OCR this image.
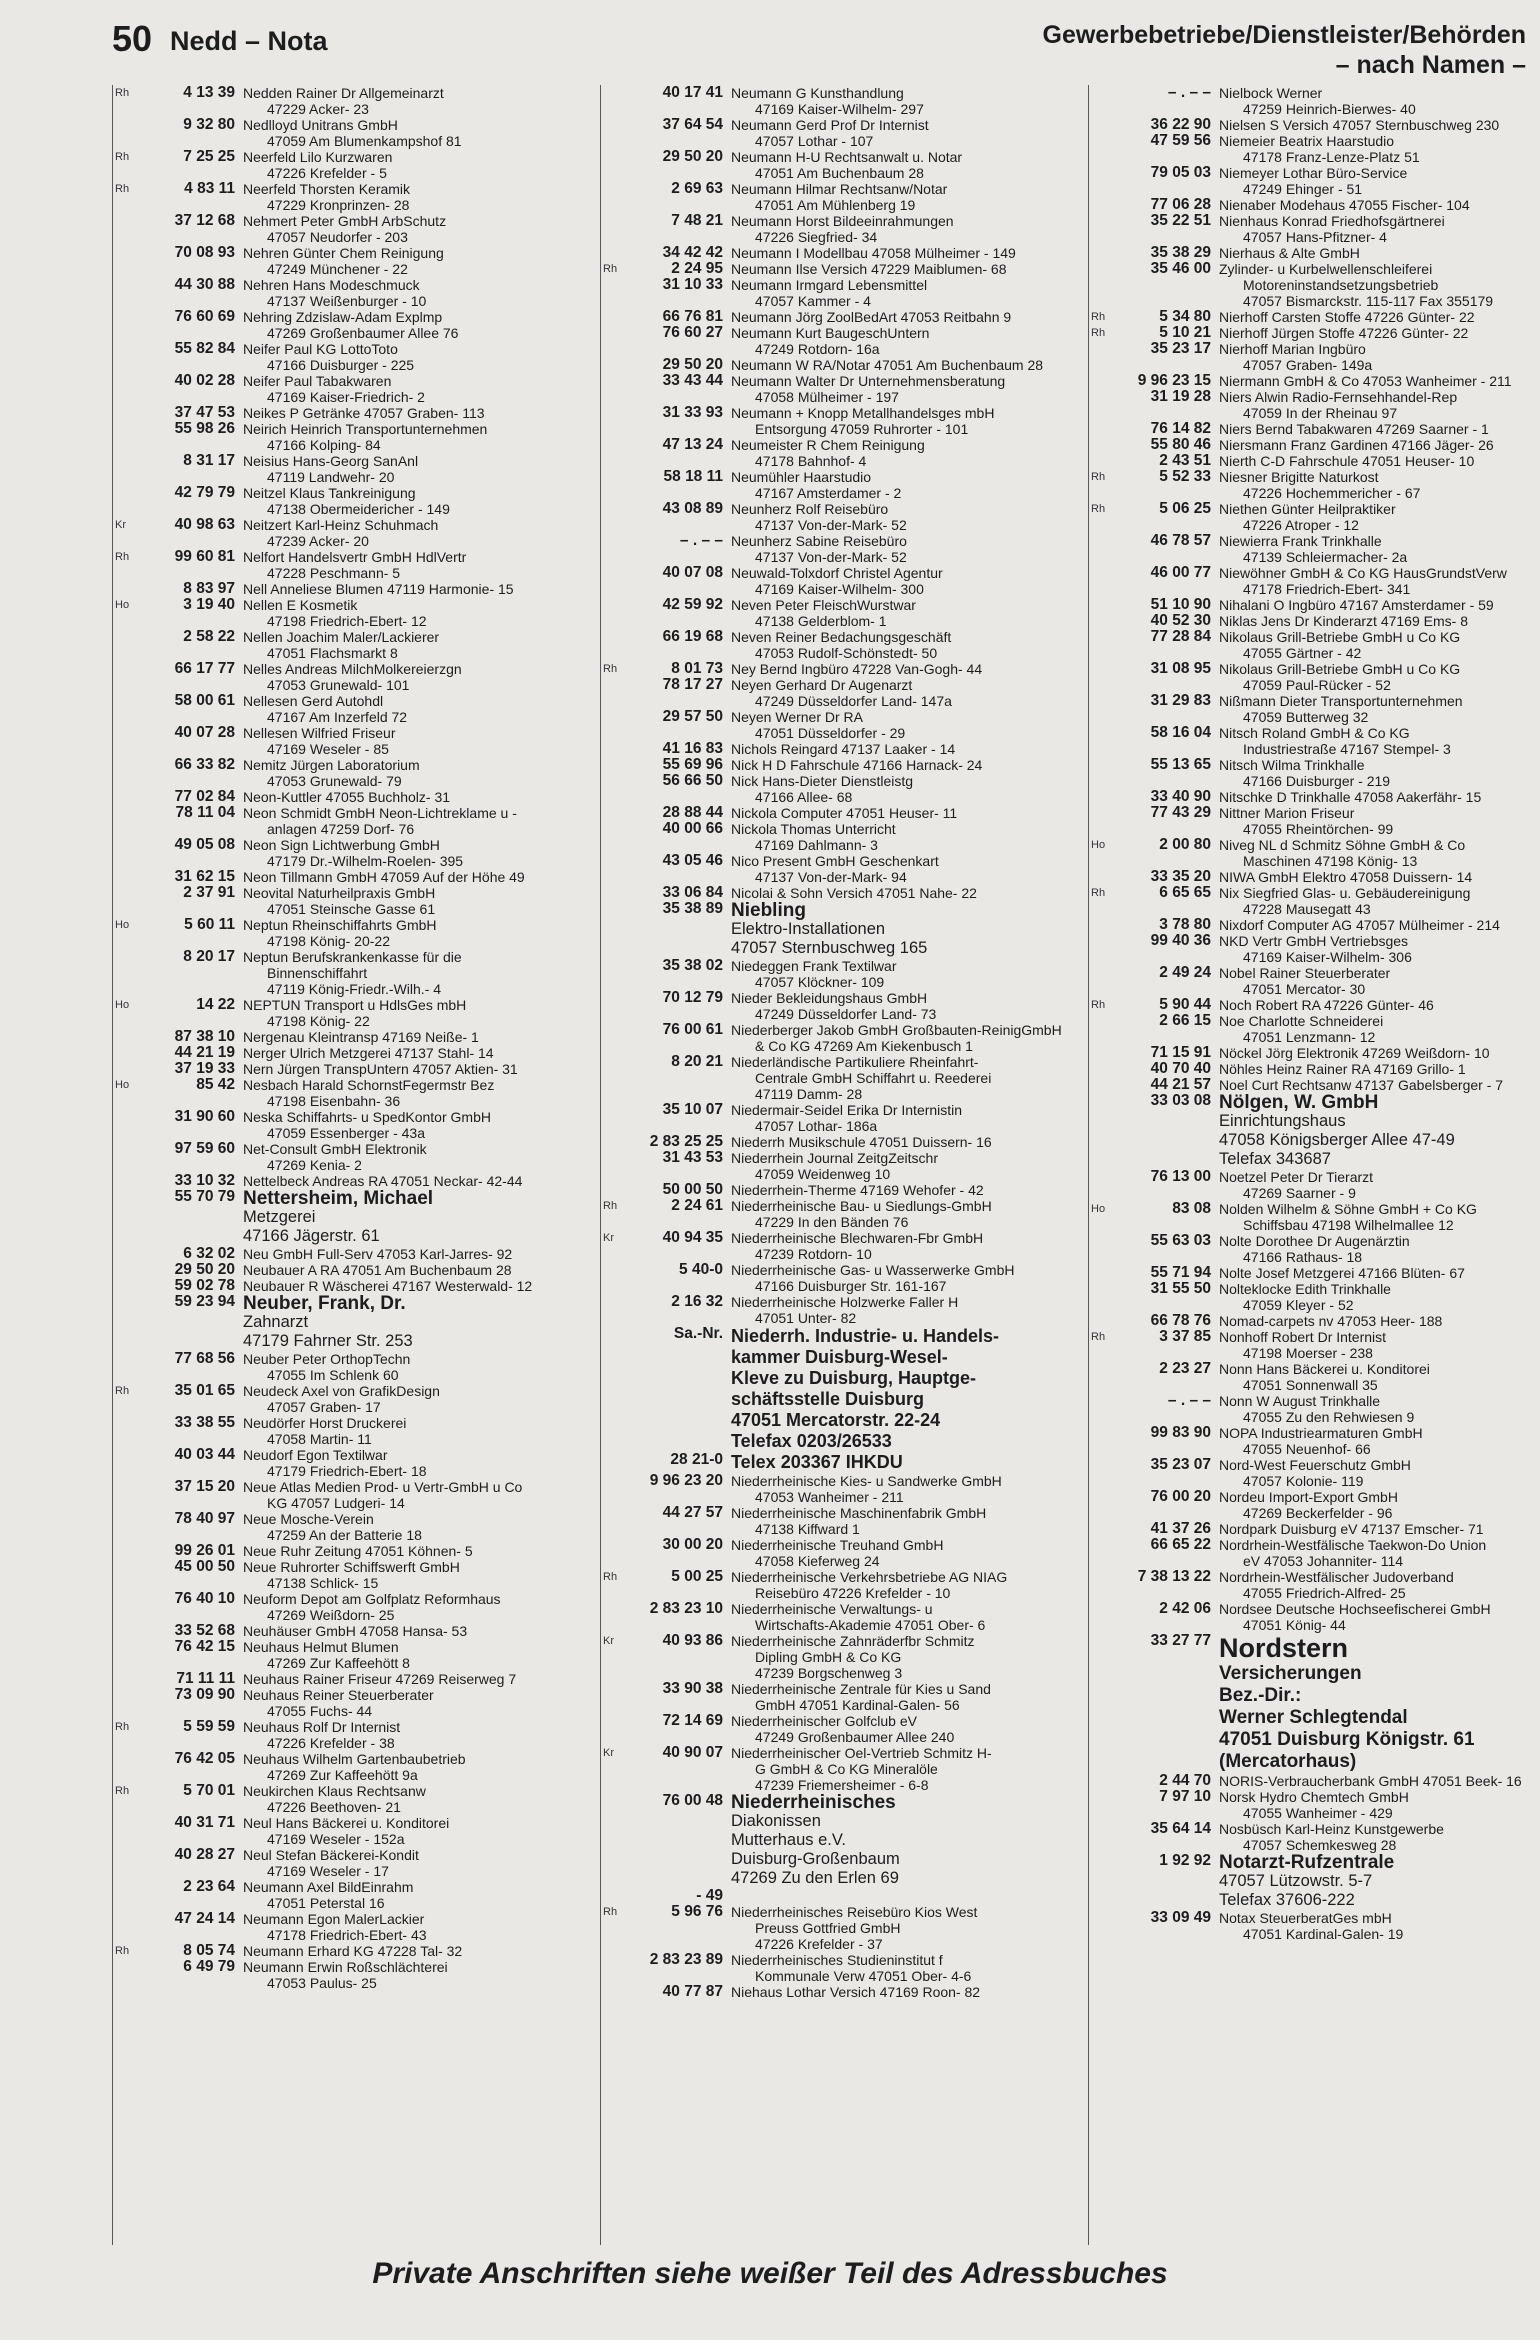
50 Nedd – Nota	Gewerbebetriebe/Dienstleister/Behörden
– nach Namen –
Rh	4 13 39 Nedden Rainer Dr Allgemeinarzt
47229 Acker- 23
9 32 80 Nedlloyd Unitrans GmbH
47059 Am Blumenkampshof 81
Rh	7 25 25 Neerfeld Lilo Kurzwaren
47226 Krefelder - 5
Rh	4 83 11 Neerfeld Thorsten Keramik
47229 Kronprinzen- 28
37 12 68 Nehmert Peter GmbH ArbSchutz
47057 Neudorfer - 203
70 08 93 Nehren Günter Chem Reinigung
47249 Münchener - 22
44 30 88 Nehren Hans Modeschmuck
47137 Weißenburger - 10
76 60 69 Nehring Zdzislaw-Adam Explmp
47269 Großenbaumer Allee 76
55 82 84 Neifer Paul KG LottoToto
47166 Duisburger - 225
40 02 28 Neifer Paul Tabakwaren
47169 Kaiser-Friedrich- 2
37 47 53 Neikes P Getränke 47057 Graben- 113
55 98 26 Neirich Heinrich Transportunternehmen
47166 Kolping- 84
8 31 17 Neisius Hans-Georg SanAnl
47119 Landwehr- 20
42 79 79 Neitzel Klaus Tankreinigung
47138 Obermeidericher - 149
Kr	40 98 63 Neitzert Karl-Heinz Schuhmach
47239 Acker- 20
Rh	99 60 81 Nelfort Handelsvertr GmbH HdlVertr
47228 Peschmann- 5
8 83 97 Nell Anneliese Blumen 47119 Harmonie- 15
Ho	3 19 40 Nellen E Kosmetik
47198 Friedrich-Ebert- 12
2 58 22 Nellen Joachim Maler/Lackierer
47051 Flachsmarkt 8
66 17 77 Nelles Andreas MilchMolkereierzgn
47053 Grunewald- 101
58 00 61 Nellesen Gerd Autohdl
47167 Am Inzerfeld 72
40 07 28 Nellesen Wilfried Friseur
47169 Weseler - 85
66 33 82 Nemitz Jürgen Laboratorium
47053 Grunewald- 79
77 02 84 Neon-Kuttler 47055 Buchholz- 31
78 11 04 Neon Schmidt GmbH Neon-Lichtreklame u -
anlagen 47259 Dorf- 76
49 05 08 Neon Sign Lichtwerbung GmbH
47179 Dr.-Wilhelm-Roelen- 395
31 62 15 Neon Tillmann GmbH 47059 Auf der Höhe 49
2 37 91 Neovital Naturheilpraxis GmbH
47051 Steinsche Gasse 61
Ho	5 60 11 Neptun Rheinschiffahrts GmbH
47198 König- 20-22
8 20 17 Neptun Berufskrankenkasse für die
Binnenschiffahrt
47119 König-Friedr.-Wilh.- 4
Ho	14 22 NEPTUN Transport u HdlsGes mbH
47198 König- 22
87 38 10 Nergenau Kleintransp 47169 Neiße- 1
44 21 19 Nerger Ulrich Metzgerei 47137 Stahl- 14
37 19 33 Nern Jürgen TranspUntern 47057 Aktien- 31
Ho	85 42 Nesbach Harald SchornstFegermstr Bez
47198 Eisenbahn- 36
31 90 60 Neska Schiffahrts- u SpedKontor GmbH
47059 Essenberger - 43a
97 59 60 Net-Consult GmbH Elektronik
47269 Kenia- 2
33 10 32 Nettelbeck Andreas RA 47051 Neckar- 42-44
55 70 79 Nettersheim, Michael
Metzgerei
47166 Jägerstr. 61
6 32 02 Neu GmbH Full-Serv 47053 Karl-Jarres- 92
29 50 20 Neubauer A RA 47051 Am Buchenbaum 28
59 02 78 Neubauer R Wäscherei 47167 Westerwald- 12
59 23 94 Neuber, Frank, Dr.
Zahnarzt
47179 Fahrner Str. 253
77 68 56 Neuber Peter OrthopTechn
47055 Im Schlenk 60
Rh	35 01 65 Neudeck Axel von GrafikDesign
47057 Graben- 17
33 38 55 Neudörfer Horst Druckerei
47058 Martin- 11
40 03 44 Neudorf Egon Textilwar
47179 Friedrich-Ebert- 18
37 15 20 Neue Atlas Medien Prod- u Vertr-GmbH u Co
KG 47057 Ludgeri- 14
78 40 97 Neue Mosche-Verein
47259 An der Batterie 18
99 26 01 Neue Ruhr Zeitung 47051 Köhnen- 5
45 00 50 Neue Ruhrorter Schiffswerft GmbH
47138 Schlick- 15
76 40 10 Neuform Depot am Golfplatz Reformhaus
47269 Weißdorn- 25
33 52 68 Neuhäuser GmbH 47058 Hansa- 53
76 42 15 Neuhaus Helmut Blumen
47269 Zur Kaffeehött 8
71 11 11 Neuhaus Rainer Friseur 47269 Reiserweg 7
73 09 90 Neuhaus Reiner Steuerberater
47055 Fuchs- 44
Rh	5 59 59 Neuhaus Rolf Dr Internist
47226 Krefelder - 38
76 42 05 Neuhaus Wilhelm Gartenbaubetrieb
47269 Zur Kaffeehött 9a
Rh	5 70 01 Neukirchen Klaus Rechtsanw
47226 Beethoven- 21
40 31 71 Neul Hans Bäckerei u. Konditorei
47169 Weseler - 152a
40 28 27 Neul Stefan Bäckerei-Kondit
47169 Weseler - 17
2 23 64 Neumann Axel BildEinrahm
47051 Peterstal 16
47 24 14 Neumann Egon MalerLackier
47178 Friedrich-Ebert- 43
Rh	8 05 74 Neumann Erhard KG 47228 Tal- 32
6 49 79 Neumann Erwin Roßschlächterei
47053 Paulus- 25
40 17 41 Neumann G Kunsthandlung
47169 Kaiser-Wilhelm- 297
37 64 54 Neumann Gerd Prof Dr Internist
47057 Lothar - 107
29 50 20 Neumann H-U Rechtsanwalt u. Notar
47051 Am Buchenbaum 28
2 69 63 Neumann Hilmar Rechtsanw/Notar
47051 Am Mühlenberg 19
7 48 21 Neumann Horst Bildeeinrahmungen
47226 Siegfried- 34
34 42 42 Neumann I Modellbau 47058 Mülheimer - 149
Rh	2 24 95 Neumann Ilse Versich 47229 Maiblumen- 68
31 10 33 Neumann Irmgard Lebensmittel
47057 Kammer - 4
66 76 81 Neumann Jörg ZoolBedArt 47053 Reitbahn 9
76 60 27 Neumann Kurt BaugeschUntern
47249 Rotdorn- 16a
29 50 20 Neumann W RA/Notar 47051 Am Buchenbaum 28
33 43 44 Neumann Walter Dr Unternehmensberatung
47058 Mülheimer - 197
31 33 93 Neumann + Knopp Metallhandelsges mbH
Entsorgung 47059 Ruhrorter - 101
47 13 24 Neumeister R Chem Reinigung
47178 Bahnhof- 4
58 18 11 Neumühler Haarstudio
47167 Amsterdamer - 2
43 08 89 Neunherz Rolf Reisebüro
47137 Von-der-Mark- 52
– . – – Neunherz Sabine Reisebüro
47137 Von-der-Mark- 52
40 07 08 Neuwald-Tolxdorf Christel Agentur
47169 Kaiser-Wilhelm- 300
42 59 92 Neven Peter FleischWurstwar
47138 Gelderblom- 1
66 19 68 Neven Reiner Bedachungsgeschäft
47053 Rudolf-Schönstedt- 50
Rh	8 01 73 Ney Bernd Ingbüro 47228 Van-Gogh- 44
78 17 27 Neyen Gerhard Dr Augenarzt
47249 Düsseldorfer Land- 147a
29 57 50 Neyen Werner Dr RA
47051 Düsseldorfer - 29
41 16 83 Nichols Reingard 47137 Laaker - 14
55 69 96 Nick H D Fahrschule 47166 Harnack- 24
56 66 50 Nick Hans-Dieter Dienstleistg
47166 Allee- 68
28 88 44 Nickola Computer 47051 Heuser- 11
40 00 66 Nickola Thomas Unterricht
47169 Dahlmann- 3
43 05 46 Nico Present GmbH Geschenkart
47137 Von-der-Mark- 94
33 06 84 Nicolai & Sohn Versich 47051 Nahe- 22
35 38 89 Niebling
Elektro-Installationen
47057 Sternbuschweg 165
35 38 02 Niedeggen Frank Textilwar
47057 Klöckner- 109
70 12 79 Nieder Bekleidungshaus GmbH
47249 Düsseldorfer Land- 73
76 00 61 Niederberger Jakob GmbH Großbauten-ReinigGmbH
& Co KG 47269 Am Kiekenbusch 1
8 20 21 Niederländische Partikuliere Rheinfahrt-
Centrale GmbH Schiffahrt u. Reederei
47119 Damm- 28
35 10 07 Niedermair-Seidel Erika Dr Internistin
47057 Lothar- 186a
2 83 25 25 Niederrh Musikschule 47051 Duissern- 16
31 43 53 Niederrhein Journal ZeitgZeitschr
47059 Weidenweg 10
50 00 50 Niederrhein-Therme 47169 Wehofer - 42
Rh	2 24 61 Niederrheinische Bau- u Siedlungs-GmbH
47229 In den Bänden 76
Kr	40 94 35 Niederrheinische Blechwaren-Fbr GmbH
47239 Rotdorn- 10
5 40-0 Niederrheinische Gas- u Wasserwerke GmbH
47166 Duisburger Str. 161-167
2 16 32 Niederrheinische Holzwerke Faller H
47051 Unter- 82
Sa.-Nr. Niederrh. Industrie- u. Handels-
kammer Duisburg-Wesel-
Kleve zu Duisburg, Hauptge-
schäftsstelle Duisburg
47051 Mercatorstr. 22-24
Telefax 0203/26533
28 21-0 Telex 203367 IHKDU
9 96 23 20 Niederrheinische Kies- u Sandwerke GmbH
47053 Wanheimer - 211
44 27 57 Niederrheinische Maschinenfabrik GmbH
47138 Kiffward 1
30 00 20 Niederrheinische Treuhand GmbH
47058 Kieferweg 24
Rh	5 00 25 Niederrheinische Verkehrsbetriebe AG NIAG
Reisebüro 47226 Krefelder - 10
2 83 23 10 Niederrheinische Verwaltungs- u
Wirtschafts-Akademie 47051 Ober- 6
Kr	40 93 86 Niederrheinische Zahnräderfbr Schmitz
Dipling GmbH & Co KG
47239 Borgschenweg 3
33 90 38 Niederrheinische Zentrale für Kies u Sand
GmbH 47051 Kardinal-Galen- 56
72 14 69 Niederrheinischer Golfclub eV
47249 Großenbaumer Allee 240
Kr	40 90 07 Niederrheinischer Oel-Vertrieb Schmitz H-
G GmbH & Co KG Mineralöle
47239 Friemersheimer - 6-8
76 00 48 Niederrheinisches
Diakonissen
Mutterhaus e.V.
Duisburg-Großenbaum
47269 Zu den Erlen 69
- 49
Rh	5 96 76 Niederrheinisches Reisebüro Kios West
Preuss Gottfried GmbH
47226 Krefelder - 37
2 83 23 89 Niederrheinisches Studieninstitut f
Kommunale Verw 47051 Ober- 4-6
40 77 87 Niehaus Lothar Versich 47169 Roon- 82
– . – – Nielbock Werner
47259 Heinrich-Bierwes- 40
36 22 90 Nielsen S Versich 47057 Sternbuschweg 230
47 59 56 Niemeier Beatrix Haarstudio
47178 Franz-Lenze-Platz 51
79 05 03 Niemeyer Lothar Büro-Service
47249 Ehinger - 51
77 06 28 Nienaber Modehaus 47055 Fischer- 104
35 22 51 Nienhaus Konrad Friedhofsgärtnerei
47057 Hans-Pfitzner- 4
35 38 29 Nierhaus & Alte GmbH
35 46 00 Zylinder- u Kurbelwellenschleiferei
Motoreninstandsetzungsbetrieb
47057 Bismarckstr. 115-117 Fax 355179
Rh	5 34 80 Nierhoff Carsten Stoffe 47226 Günter- 22
Rh	5 10 21 Nierhoff Jürgen Stoffe 47226 Günter- 22
35 23 17 Nierhoff Marian Ingbüro
47057 Graben- 149a
9 96 23 15 Niermann GmbH & Co 47053 Wanheimer - 211
31 19 28 Niers Alwin Radio-Fernsehhandel-Rep
47059 In der Rheinau 97
76 14 82 Niers Bernd Tabakwaren 47269 Saarner - 1
55 80 46 Niersmann Franz Gardinen 47166 Jäger- 26
2 43 51 Nierth C-D Fahrschule 47051 Heuser- 10
Rh	5 52 33 Niesner Brigitte Naturkost
47226 Hochemmericher - 67
Rh	5 06 25 Niethen Günter Heilpraktiker
47226 Atroper - 12
46 78 57 Niewierra Frank Trinkhalle
47139 Schleiermacher- 2a
46 00 77 Niewöhner GmbH & Co KG HausGrundstVerw
47178 Friedrich-Ebert- 341
51 10 90 Nihalani O Ingbüro 47167 Amsterdamer - 59
40 52 30 Niklas Jens Dr Kinderarzt 47169 Ems- 8
77 28 84 Nikolaus Grill-Betriebe GmbH u Co KG
47055 Gärtner - 42
31 08 95 Nikolaus Grill-Betriebe GmbH u Co KG
47059 Paul-Rücker - 52
31 29 83 Nißmann Dieter Transportunternehmen
47059 Butterweg 32
58 16 04 Nitsch Roland GmbH & Co KG
Industriestraße 47167 Stempel- 3
55 13 65 Nitsch Wilma Trinkhalle
47166 Duisburger - 219
33 40 90 Nitschke D Trinkhalle 47058 Aakerfähr- 15
77 43 29 Nittner Marion Friseur
47055 Rheintörchen- 99
Ho	2 00 80 Niveg NL d Schmitz Söhne GmbH & Co
Maschinen 47198 König- 13
33 35 20 NIWA GmbH Elektro 47058 Duissern- 14
Rh	6 65 65 Nix Siegfried Glas- u. Gebäudereinigung
47228 Mausegatt 43
3 78 80 Nixdorf Computer AG 47057 Mülheimer - 214
99 40 36 NKD Vertr GmbH Vertriebsges
47169 Kaiser-Wilhelm- 306
2 49 24 Nobel Rainer Steuerberater
47051 Mercator- 30
Rh	5 90 44 Noch Robert RA 47226 Günter- 46
2 66 15 Noe Charlotte Schneiderei
47051 Lenzmann- 12
71 15 91 Nöckel Jörg Elektronik 47269 Weißdorn- 10
40 70 40 Nöhles Heinz Rainer RA 47169 Grillo- 1
44 21 57 Noel Curt Rechtsanw 47137 Gabelsberger - 7
33 03 08 Nölgen, W. GmbH
Einrichtungshaus
47058 Königsberger Allee 47-49
Telefax 343687
76 13 00 Noetzel Peter Dr Tierarzt
47269 Saarner - 9
Ho	83 08 Nolden Wilhelm & Söhne GmbH + Co KG
Schiffsbau 47198 Wilhelmallee 12
55 63 03 Nolte Dorothee Dr Augenärztin
47166 Rathaus- 18
55 71 94 Nolte Josef Metzgerei 47166 Blüten- 67
31 55 50 Nolteklocke Edith Trinkhalle
47059 Kleyer - 52
66 78 76 Nomad-carpets nv 47053 Heer- 188
Rh	3 37 85 Nonhoff Robert Dr Internist
47198 Moerser - 238
2 23 27 Nonn Hans Bäckerei u. Konditorei
47051 Sonnenwall 35
– . – – Nonn W August Trinkhalle
47055 Zu den Rehwiesen 9
99 83 90 NOPA Industriearmaturen GmbH
47055 Neuenhof- 66
35 23 07 Nord-West Feuerschutz GmbH
47057 Kolonie- 119
76 00 20 Nordeu Import-Export GmbH
47269 Beckerfelder - 96
41 37 26 Nordpark Duisburg eV 47137 Emscher- 71
66 65 22 Nordrhein-Westfälische Taekwon-Do Union
eV 47053 Johanniter- 114
7 38 13 22 Nordrhein-Westfälischer Judoverband
47055 Friedrich-Alfred- 25
2 42 06 Nordsee Deutsche Hochseefischerei GmbH
47051 König- 44
33 27 77 Nordstern
Versicherungen
Bez.-Dir.:
Werner Schlegtendal
47051 Duisburg Königstr. 61
(Mercatorhaus)
2 44 70 NORIS-Verbraucherbank GmbH 47051 Beek- 16
7 97 10 Norsk Hydro Chemtech GmbH
47055 Wanheimer - 429
35 64 14 Nosbüsch Karl-Heinz Kunstgewerbe
47057 Schemkesweg 28
1 92 92 Notarzt-Rufzentrale
47057 Lützowstr. 5-7
Telefax 37606-222
33 09 49 Notax SteuerberatGes mbH
47051 Kardinal-Galen- 19
Private Anschriften siehe weißer Teil des Adressbuches
